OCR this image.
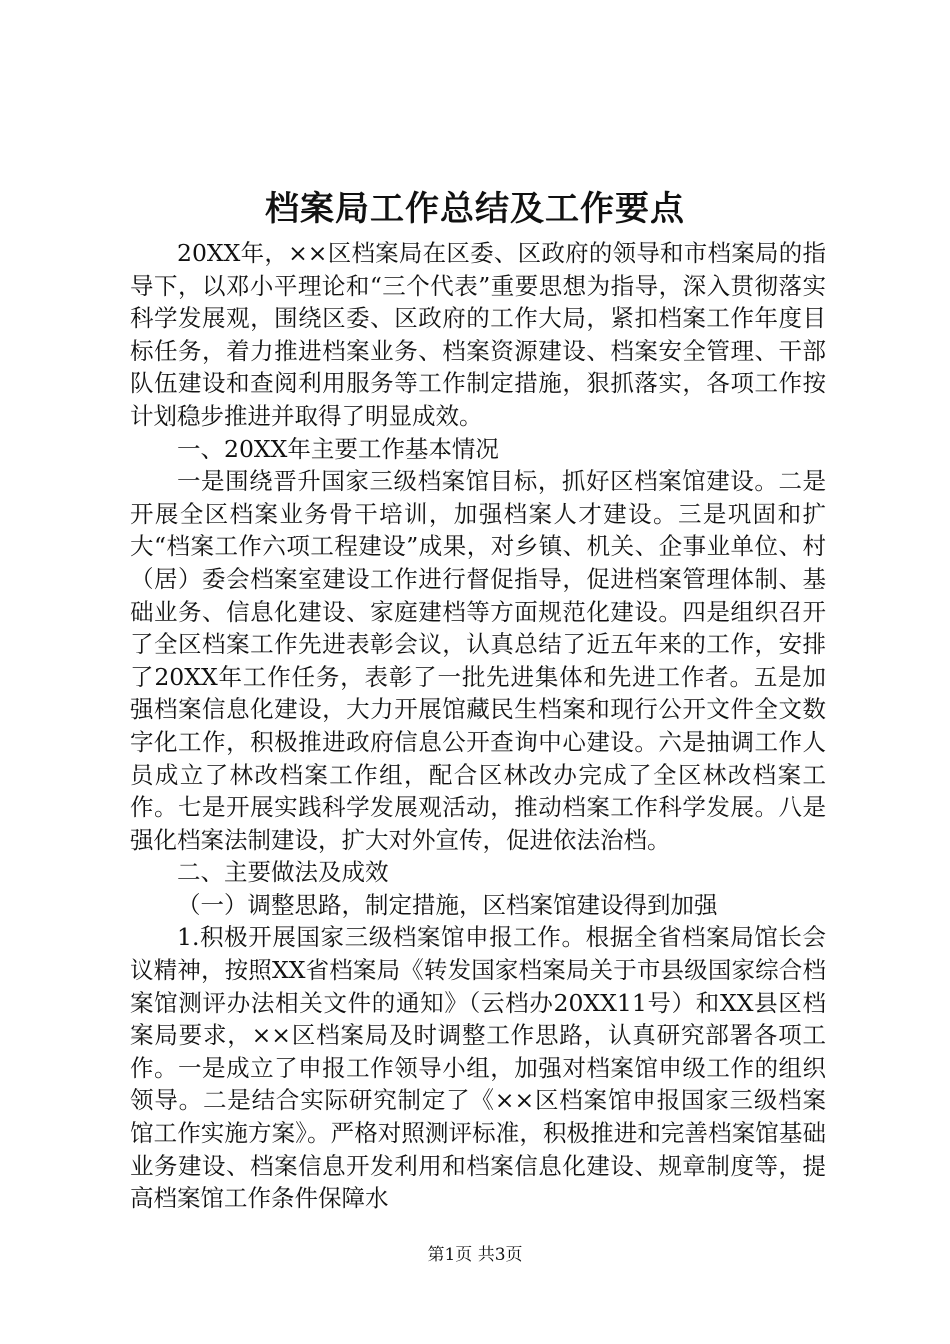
档案局工作总结及工作要点

20XX年，××区档案局在区委、区政府的领导和市档案局的指导下，以邓小平理论和“三个代表”重要思想为指导，深入贯彻落实科学发展观，围绕区委、区政府的工作大局，紧扣档案工作年度目标任务，着力推进档案业务、档案资源建设、档案安全管理、干部队伍建设和查阅利用服务等工作制定措施，狠抓落实，各项工作按计划稳步推进并取得了明显成效。

一、20XX年主要工作基本情况

一是围绕晋升国家三级档案馆目标，抓好区档案馆建设。二是开展全区档案业务骨干培训，加强档案人才建设。三是巩固和扩大“档案工作六项工程建设”成果，对乡镇、机关、企事业单位、村（居）委会档案室建设工作进行督促指导，促进档案管理体制、基础业务、信息化建设、家庭建档等方面规范化建设。四是组织召开了全区档案工作先进表彰会议，认真总结了近五年来的工作，安排了20XX年工作任务，表彰了一批先进集体和先进工作者。五是加强档案信息化建设，大力开展馆藏民生档案和现行公开文件全文数字化工作，积极推进政府信息公开查询中心建设。六是抽调工作人员成立了林改档案工作组，配合区林改办完成了全区林改档案工作。七是开展实践科学发展观活动，推动档案工作科学发展。八是强化档案法制建设，扩大对外宣传，促进依法治档。

二、主要做法及成效

（一）调整思路，制定措施，区档案馆建设得到加强

1.积极开展国家三级档案馆申报工作。根据全省档案局馆长会议精神，按照XX省档案局《转发国家档案局关于市县级国家综合档案馆测评办法相关文件的通知》（云档办20XX11号）和XX县区档案局要求，××区档案局及时调整工作思路，认真研究部署各项工作。一是成立了申报工作领导小组，加强对档案馆申级工作的组织领导。二是结合实际研究制定了《××区档案馆申报国家三级档案馆工作实施方案》。严格对照测评标准，积极推进和完善档案馆基础业务建设、档案信息开发利用和档案信息化建设、规章制度等，提高档案馆工作条件保障水

第1页 共3页
